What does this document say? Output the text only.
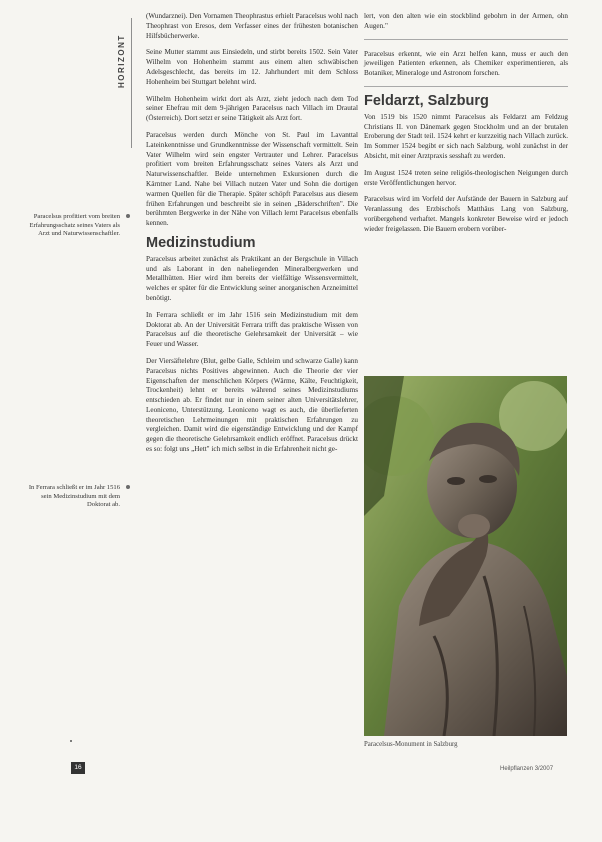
HORIZONT

(Wundarznei). Den Vornamen Theophrastus erhielt Paracelsus wohl nach Theophrast von Eresos, dem Verfasser eines der frühesten botanischen Hilfsbücherwerke.

Seine Mutter stammt aus Einsiedeln, und stirbt bereits 1502. Sein Vater Wilhelm von Hohenheim stammt aus einem alten schwäbischen Adelsgeschlecht, das bereits im 12. Jahrhundert mit dem Schloss Hohenheim bei Stuttgart belehnt wird.

Wilhelm Hohenheim wirkt dort als Arzt, zieht jedoch nach dem Tod seiner Ehefrau mit dem 9-jährigen Paracelsus nach Villach im Drautal (Österreich). Dort setzt er seine Tätigkeit als Arzt fort.

Paracelsus werden durch Mönche von St. Paul im Lavanttal Lateinkenntnisse und Grundkenntnisse der Wissenschaft vermittelt. Sein Vater Wilhelm wird sein engster Vertrauter und Lehrer. Paracelsus profitiert vom breiten Erfahrungsschatz seines Vaters als Arzt und Naturwissenschaftler. Beide unternehmen Exkursionen durch die Kärntner Land. Nahe bei Villach nutzen Vater und Sohn die dortigen warmen Quellen für die Therapie. Später schöpft Paracelsus aus diesem frühen Erfahrungen und beschreibt sie in seinen „Bäderschriften". Die berühmten Bergwerke in der Nähe von Villach lernt Paracelsus ebenfalls kennen.

Medizinstudium

Paracelsus arbeitet zunächst als Praktikant an der Bergschule in Villach und als Laborant in den naheliegenden Mineralbergwerken und Metallhütten. Hier wird ihm bereits der vielfältige Wissensvermittelt, welches er später für die Entwicklung seiner anorganischen Arzneimittel benötigt.

In Ferrara schließt er im Jahr 1516 sein Medizinstudium mit dem Doktorat ab. An der Universität Ferrara trifft das praktische Wissen von Paracelsus auf die theoretische Gelehrsamkeit der Universität – wie Feuer und Wasser.

Der Viersäftelehre (Blut, gelbe Galle, Schleim und schwarze Galle) kann Paracelsus nichts Positives abgewinnen. Auch die Theorie der vier Eigenschaften der menschlichen Körpers (Wärme, Kälte, Feuchtigkeit, Trockenheit) lehnt er bereits während seines Medizinstudiums entschieden ab. Er findet nur in einem seiner alten Universitätslehrer, Leoniceno, Unterstützung. Leoniceno wagt es auch, die überlieferten theoretischen Lehrmeinungen mit praktischen Erfahrungen zu vergleichen. Damit wird die eigenständige Entwicklung und der Kampf gegen die theoretische Gelehrsamkeit endlich eröffnet. Paracelsus drückt es so: folgt uns „Hett" ich mich selbst in die Erfahrenheit nicht ge-

Paracelsus profitiert vom breiten Erfahrungsschatz seines Vaters als Arzt und Naturwissenschaftler.
In Ferrara schließt er im Jahr 1516 sein Medizinstudium mit dem Doktorat ab.

lert, von den alten wie ein stockblind gebohrn in der Armen, ohn Augen."

Paracelsus erkennt, wie ein Arzt helfen kann, muss er auch den jeweiligen Patienten erkennen, als Chemiker experimentieren, als Botaniker, Mineraloge und Astronom forschen.

Feldarzt, Salzburg

Von 1519 bis 1520 nimmt Paracelsus als Feldarzt am Feldzug Christians II. von Dänemark gegen Stockholm und an der brutalen Eroberung der Stadt teil. 1524 kehrt er kurzzeitig nach Villach zurück. Im Sommer 1524 begibt er sich nach Salzburg, wohl zunächst in der Absicht, mit einer Arztpraxis sesshaft zu werden.

Im August 1524 treten seine religiös-theologischen Neigungen durch erste Veröffentlichungen hervor.

Paracelsus wird im Vorfeld der Aufstände der Bauern in Salzburg auf Veranlassung des Erzbischofs Matthäus Lang von Salzburg, vorübergehend verhaftet. Mangels konkreter Beweise wird er jedoch wieder freigelassen. Die Bauern erobern vorüber-

Paracelsus-Monument in Salzburg
16	Heilpflanzen 3/2007
